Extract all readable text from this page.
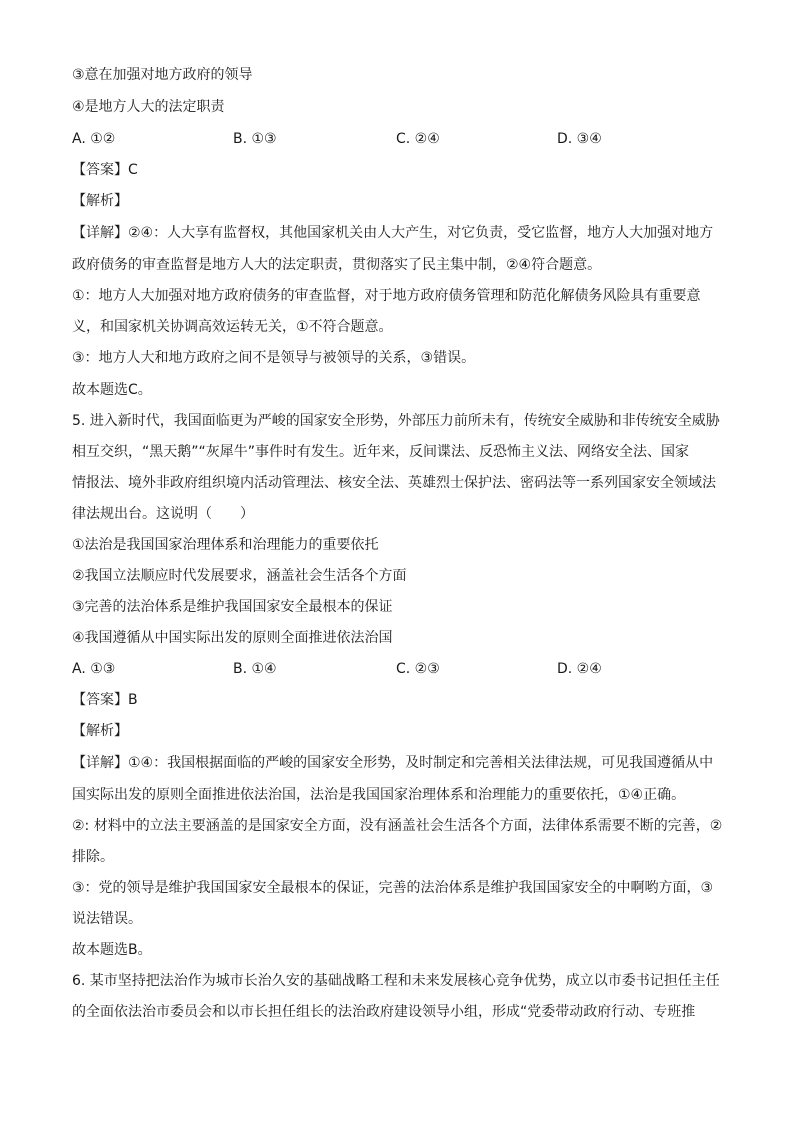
③意在加强对地方政府的领导
④是地方人大的法定职责
A. ①②	B. ①③	C. ②④	D. ③④
【答案】C
【解析】
【详解】②④：人大享有监督权，其他国家机关由人大产生，对它负责，受它监督，地方人大加强对地方
政府债务的审查监督是地方人大的法定职责，贯彻落实了民主集中制，②④符合题意。
①：地方人大加强对地方政府债务的审查监督，对于地方政府债务管理和防范化解债务风险具有重要意
义，和国家机关协调高效运转无关，①不符合题意。
③：地方人大和地方政府之间不是领导与被领导的关系，③错误。
故本题选C。
5. 进入新时代，我国面临更为严峻的国家安全形势，外部压力前所未有，传统安全威胁和非传统安全威胁
相互交织，“黑天鹅”“灰犀牛”事件时有发生。近年来，反间谍法、反恐怖主义法、网络安全法、国家
情报法、境外非政府组织境内活动管理法、核安全法、英雄烈士保护法、密码法等一系列国家安全领域法
律法规出台。这说明（　　）
①法治是我国国家治理体系和治理能力的重要依托
②我国立法顺应时代发展要求，涵盖社会生活各个方面
③完善的法治体系是维护我国国家安全最根本的保证
④我国遵循从中国实际出发的原则全面推进依法治国
A. ①③	B. ①④	C. ②③	D. ②④
【答案】B
【解析】
【详解】①④：我国根据面临的严峻的国家安全形势，及时制定和完善相关法律法规，可见我国遵循从中
国实际出发的原则全面推进依法治国，法治是我国国家治理体系和治理能力的重要依托，①④正确。
②: 材料中的立法主要涵盖的是国家安全方面，没有涵盖社会生活各个方面，法律体系需要不断的完善，②
排除。
③：党的领导是维护我国国家安全最根本的保证，完善的法治体系是维护我国国家安全的中啊哟方面，③
说法错误。
故本题选B。
6. 某市坚持把法治作为城市长治久安的基础战略工程和未来发展核心竞争优势，成立以市委书记担任主任
的全面依法治市委员会和以市长担任组长的法治政府建设领导小组，形成“党委带动政府行动、专班推
